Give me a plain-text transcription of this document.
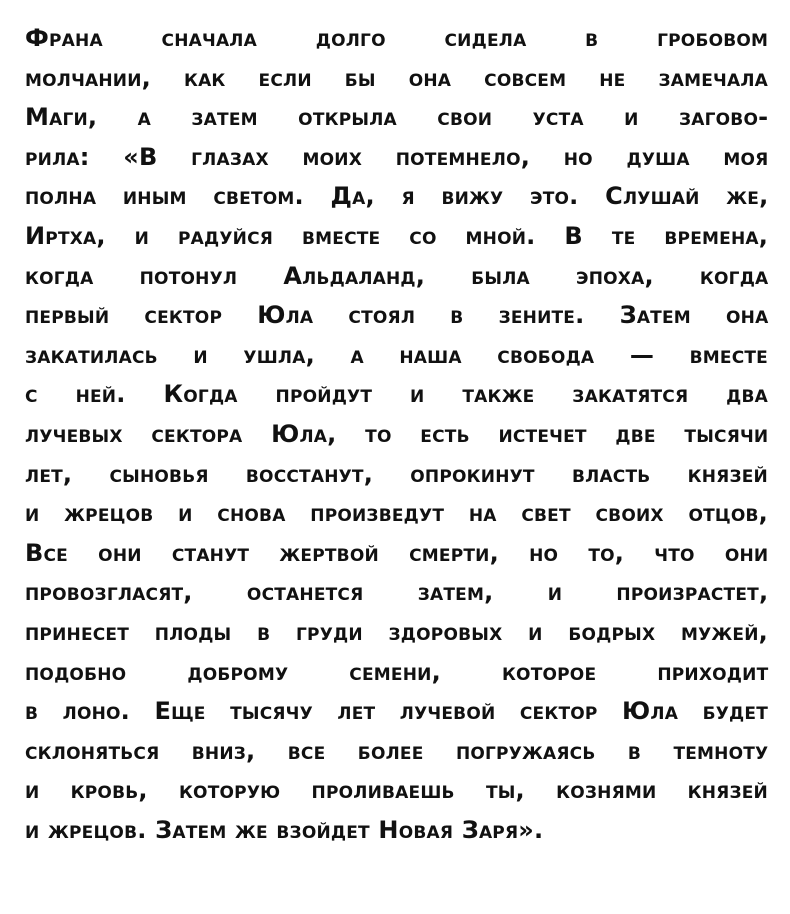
Франа сначала долго сидела в гробовом
молчании, как если бы она совсем не замечала
Маги, а затем открыла свои уста и загово-
рила: «В глазах моих потемнело, но душа моя
полна иным светом. Да, я вижу это. Слушай же,
Иртха, и радуйся вместе со мной. В те времена,
когда потонул Альдаланд, была эпоха, когда
первый сектор Юла стоял в зените. Затем она
закатилась и ушла, а наша свобода — вместе
с ней. Когда пройдут и также закатятся два
лучевых сектора Юла, то есть истечет две тысячи
лет, сыновья восстанут, опрокинут власть князей
и жрецов и снова произведут на свет своих отцов,
Все они станут жертвой смерти, но то, что они
провозгласят, останется затем, и произрастет,
принесет плоды в груди здоровых и бодрых мужей,
подобно доброму семени, которое приходит
в лоно. Еще тысячу лет лучевой сектор Юла будет
склоняться вниз, все более погружаясь в темноту
и кровь, которую проливаешь ты, кознями князей
и жрецов. Затем же взойдет Новая Заря».
